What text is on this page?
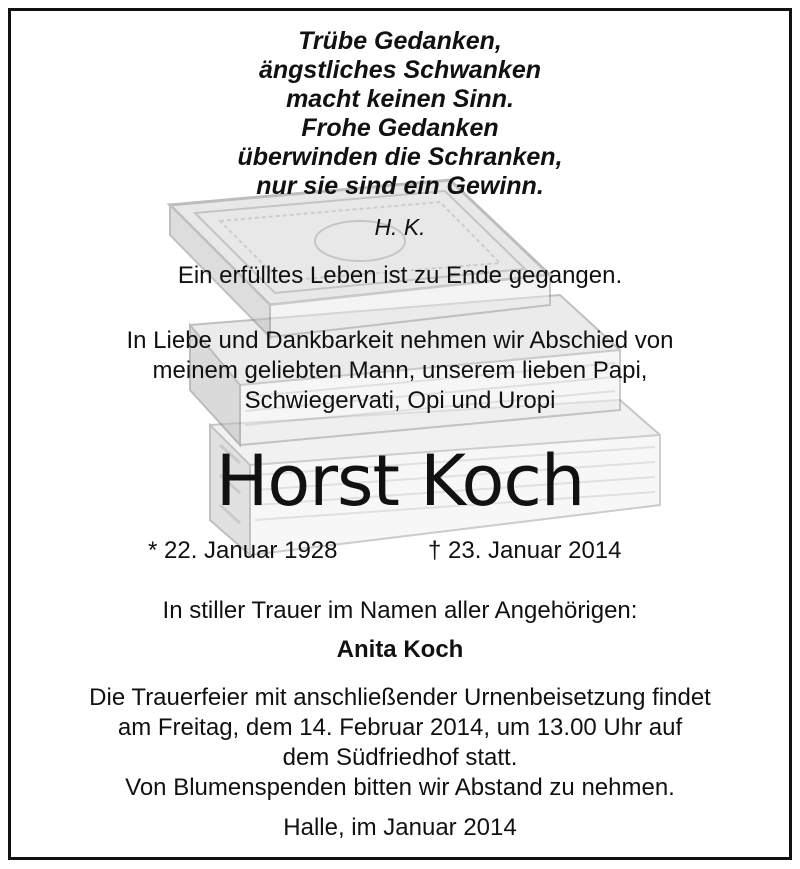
Trübe Gedanken,
ängstliches Schwanken
macht keinen Sinn.
Frohe Gedanken
überwinden die Schranken,
nur sie sind ein Gewinn.
H. K.
Ein erfülltes Leben ist zu Ende gegangen.
In Liebe und Dankbarkeit nehmen wir Abschied von
meinem geliebten Mann, unserem lieben Papi,
Schwiegervati, Opi und Uropi
Horst Koch
* 22. Januar 1928	† 23. Januar 2014
In stiller Trauer im Namen aller Angehörigen:
Anita Koch
Die Trauerfeier mit anschließender Urnenbeisetzung findet
am Freitag, dem 14. Februar 2014, um 13.00 Uhr auf
dem Südfriedhof statt.
Von Blumenspenden bitten wir Abstand zu nehmen.
Halle, im Januar 2014
